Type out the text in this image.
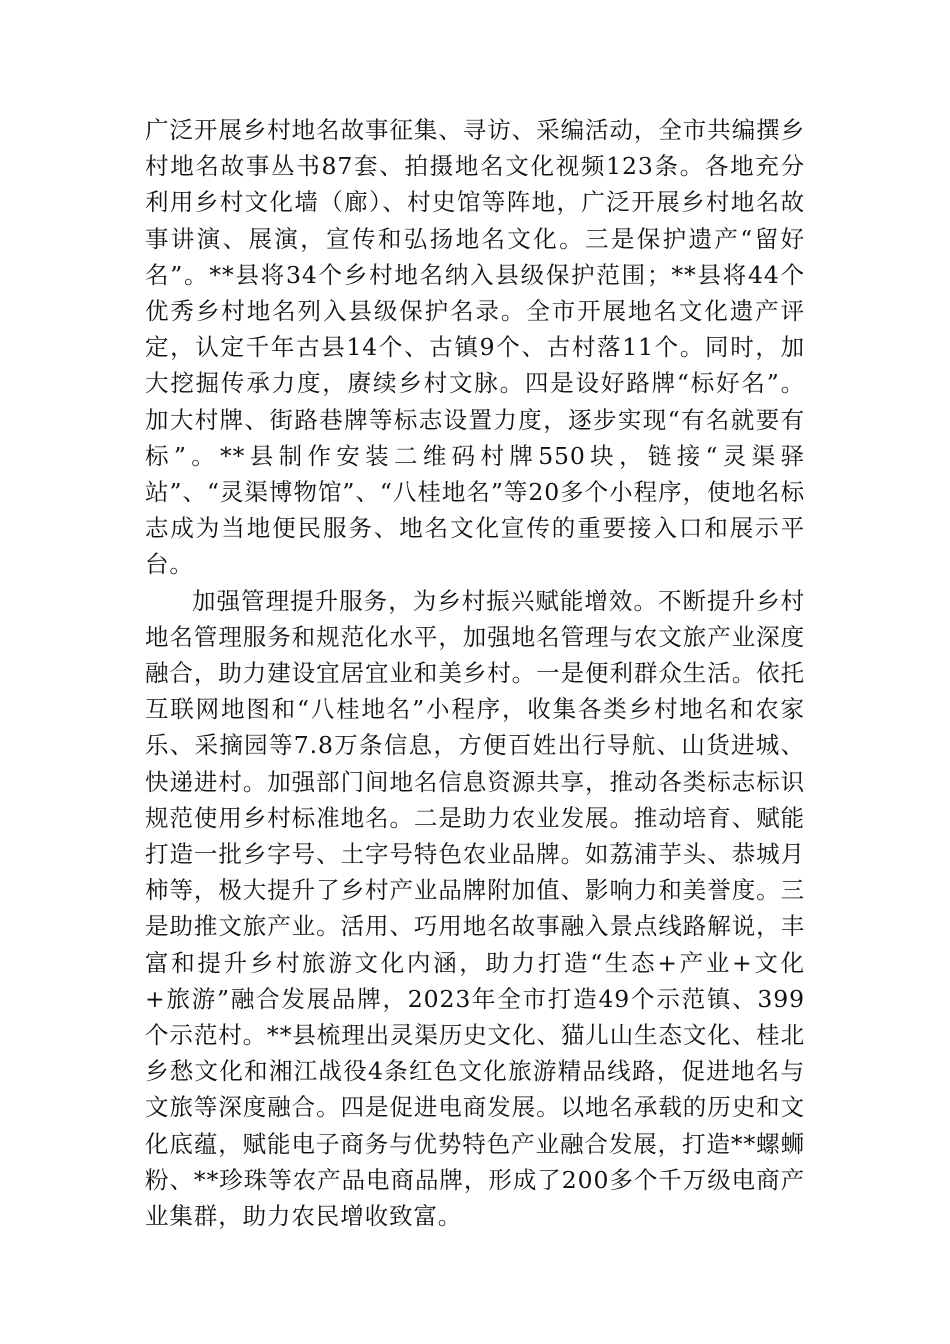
广泛开展乡村地名故事征集、寻访、采编活动，全市共编撰乡村地名故事丛书87套、拍摄地名文化视频123条。各地充分利用乡村文化墙（廊）、村史馆等阵地，广泛开展乡村地名故事讲演、展演，宣传和弘扬地名文化。三是保护遗产“留好名”。**县将34个乡村地名纳入县级保护范围；**县将44个优秀乡村地名列入县级保护名录。全市开展地名文化遗产评定，认定千年古县14个、古镇9个、古村落11个。同时，加大挖掘传承力度，赓续乡村文脉。四是设好路牌“标好名”。加大村牌、街路巷牌等标志设置力度，逐步实现“有名就要有标”。**县制作安装二维码村牌550块，链接“灵渠驿站”、“灵渠博物馆”、“八桂地名”等20多个小程序，使地名标志成为当地便民服务、地名文化宣传的重要接入口和展示平台。

加强管理提升服务，为乡村振兴赋能增效。不断提升乡村地名管理服务和规范化水平，加强地名管理与农文旅产业深度融合，助力建设宜居宜业和美乡村。一是便利群众生活。依托互联网地图和“八桂地名”小程序，收集各类乡村地名和农家乐、采摘园等7.8万条信息，方便百姓出行导航、山货进城、快递进村。加强部门间地名信息资源共享，推动各类标志标识规范使用乡村标准地名。二是助力农业发展。推动培育、赋能打造一批乡字号、土字号特色农业品牌。如荔浦芋头、恭城月柿等，极大提升了乡村产业品牌附加值、影响力和美誉度。三是助推文旅产业。活用、巧用地名故事融入景点线路解说，丰富和提升乡村旅游文化内涵，助力打造“生态+产业+文化+旅游”融合发展品牌，2023年全市打造49个示范镇、399个示范村。**县梳理出灵渠历史文化、猫儿山生态文化、桂北乡愁文化和湘江战役4条红色文化旅游精品线路，促进地名与文旅等深度融合。四是促进电商发展。以地名承载的历史和文化底蕴，赋能电子商务与优势特色产业融合发展，打造**螺蛳粉、**珍珠等农产品电商品牌，形成了200多个千万级电商产业集群，助力农民增收致富。
